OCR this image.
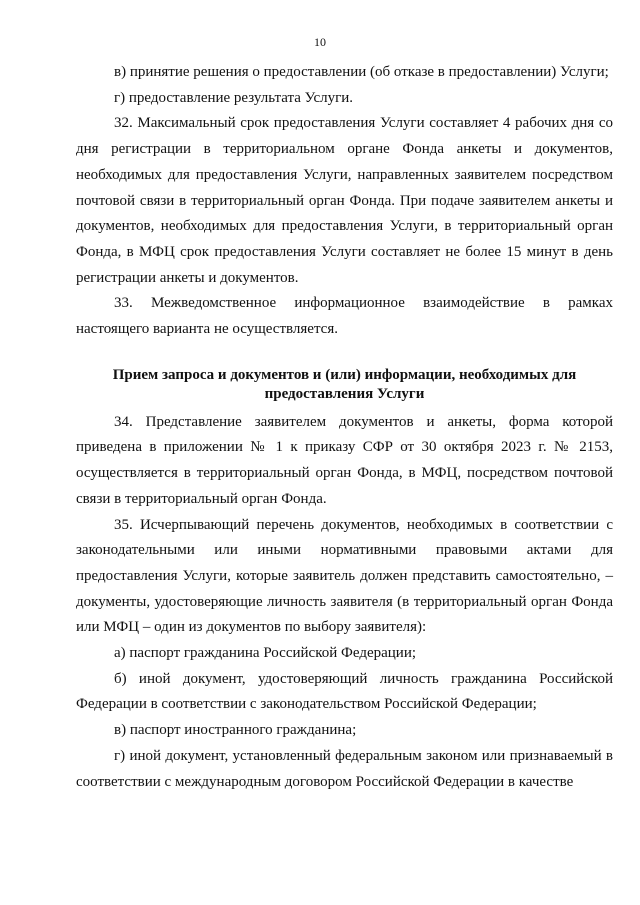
10

в) принятие решения о предоставлении (об отказе в предоставлении) Услуги;

г) предоставление результата Услуги.

32. Максимальный срок предоставления Услуги составляет 4 рабочих дня со дня регистрации в территориальном органе Фонда анкеты и документов, необходимых для предоставления Услуги, направленных заявителем посредством почтовой связи в территориальный орган Фонда. При подаче заявителем анкеты и документов, необходимых для предоставления Услуги, в территориальный орган Фонда, в МФЦ срок предоставления Услуги составляет не более 15 минут в день регистрации анкеты и документов.

33. Межведомственное информационное взаимодействие в рамках настоящего варианта не осуществляется.

Прием запроса и документов и (или) информации, необходимых для предоставления Услуги

34. Представление заявителем документов и анкеты, форма которой приведена в приложении № 1 к приказу СФР от 30 октября 2023 г. № 2153, осуществляется в территориальный орган Фонда, в МФЦ, посредством почтовой связи в территориальный орган Фонда.

35. Исчерпывающий перечень документов, необходимых в соответствии с законодательными или иными нормативными правовыми актами для предоставления Услуги, которые заявитель должен представить самостоятельно, – документы, удостоверяющие личность заявителя (в территориальный орган Фонда или МФЦ – один из документов по выбору заявителя):

а) паспорт гражданина Российской Федерации;

б) иной документ, удостоверяющий личность гражданина Российской Федерации в соответствии с законодательством Российской Федерации;

в) паспорт иностранного гражданина;

г) иной документ, установленный федеральным законом или признаваемый в соответствии с международным договором Российской Федерации в качестве
